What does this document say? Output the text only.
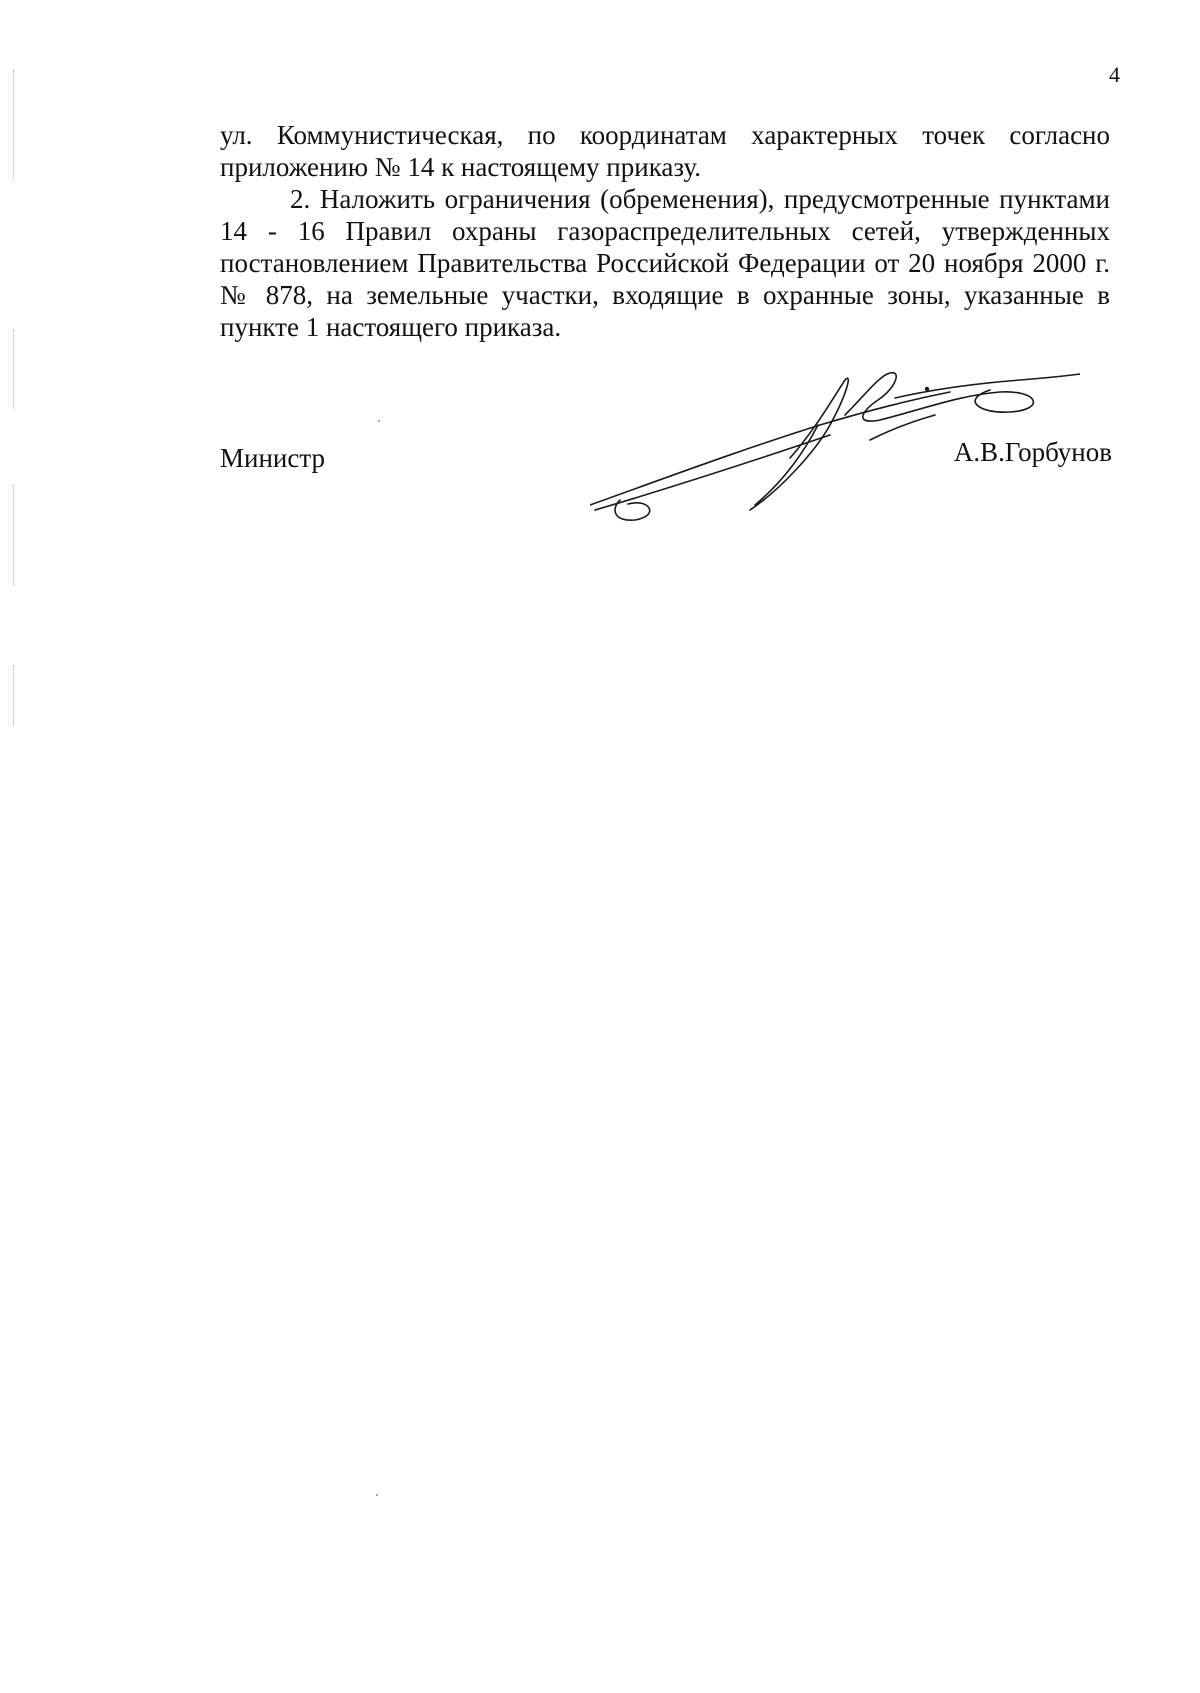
4

ул. Коммунистическая, по координатам характерных точек согласно приложению № 14 к настоящему приказу.

2. Наложить ограничения (обременения), предусмотренные пунктами 14 - 16 Правил охраны газораспределительных сетей, утвержденных постановлением Правительства Российской Федерации от 20 ноября 2000 г. № 878, на земельные участки, входящие в охранные зоны, указанные в пункте 1 настоящего приказа.

Министр	А.В.Горбунов
